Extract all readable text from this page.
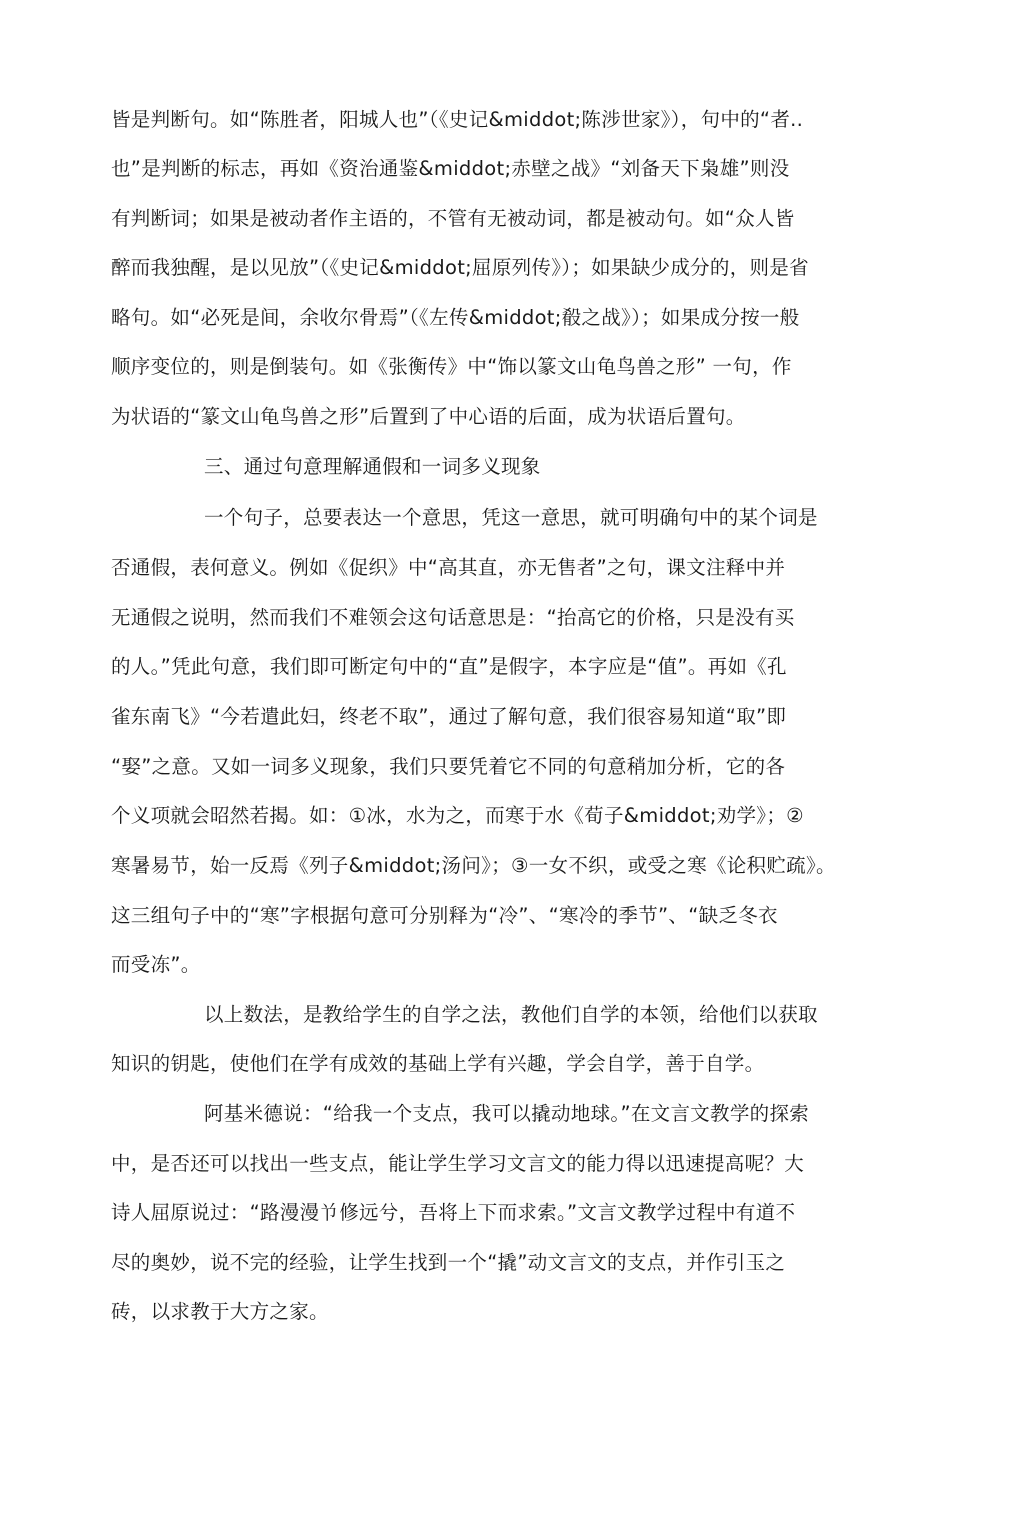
皆是判断句。如“陈胜者，阳城人也”（《史记&middot;陈涉世家》），句中的“者..
也”是判断的标志，再如《资治通鉴&middot;赤壁之战》“刘备天下枭雄”则没
有判断词；如果是被动者作主语的，不管有无被动词，都是被动句。如“众人皆
醉而我独醒，是以见放”（《史记&middot;屈原列传》）；如果缺少成分的，则是省
略句。如“必死是间，余收尔骨焉”（《左传&middot;殽之战》）；如果成分按一般
顺序变位的，则是倒装句。如《张衡传》中“饰以篆文山龟鸟兽之形” 一句，作
为状语的“篆文山龟鸟兽之形”后置到了中心语的后面，成为状语后置句。
三、通过句意理解通假和一词多义现象
一个句子，总要表达一个意思，凭这一意思，就可明确句中的某个词是
否通假，表何意义。例如《促织》中“高其直，亦无售者”之句，课文注释中并
无通假之说明，然而我们不难领会这句话意思是：“抬高它的价格，只是没有买
的人。”凭此句意，我们即可断定句中的“直”是假字，本字应是“值”。再如《孔
雀东南飞》“今若遣此妇，终老不取”，通过了解句意，我们很容易知道“取”即
“娶”之意。又如一词多义现象，我们只要凭着它不同的句意稍加分析，它的各
个义项就会昭然若揭。如：①冰，水为之，而寒于水《荀子&middot;劝学》；②
寒暑易节，始一反焉《列子&middot;汤问》；③一女不织，或受之寒《论积贮疏》。
这三组句子中的“寒”字根据句意可分别释为“冷”、“寒冷的季节”、“缺乏冬衣
而受冻”。
以上数法，是教给学生的自学之法，教他们自学的本领，给他们以获取
知识的钥匙，使他们在学有成效的基础上学有兴趣，学会自学，善于自学。
阿基米德说：“给我一个支点，我可以撬动地球。”在文言文教学的探索
中，是否还可以找出一些支点，能让学生学习文言文的能力得以迅速提高呢？大
诗人屈原说过：“路漫漫兯修远兮，吾将上下而求索。”文言文教学过程中有道不
尽的奥妙，说不完的经验，让学生找到一个“撬”动文言文的支点，并作引玉之
砖，以求教于大方之家。
